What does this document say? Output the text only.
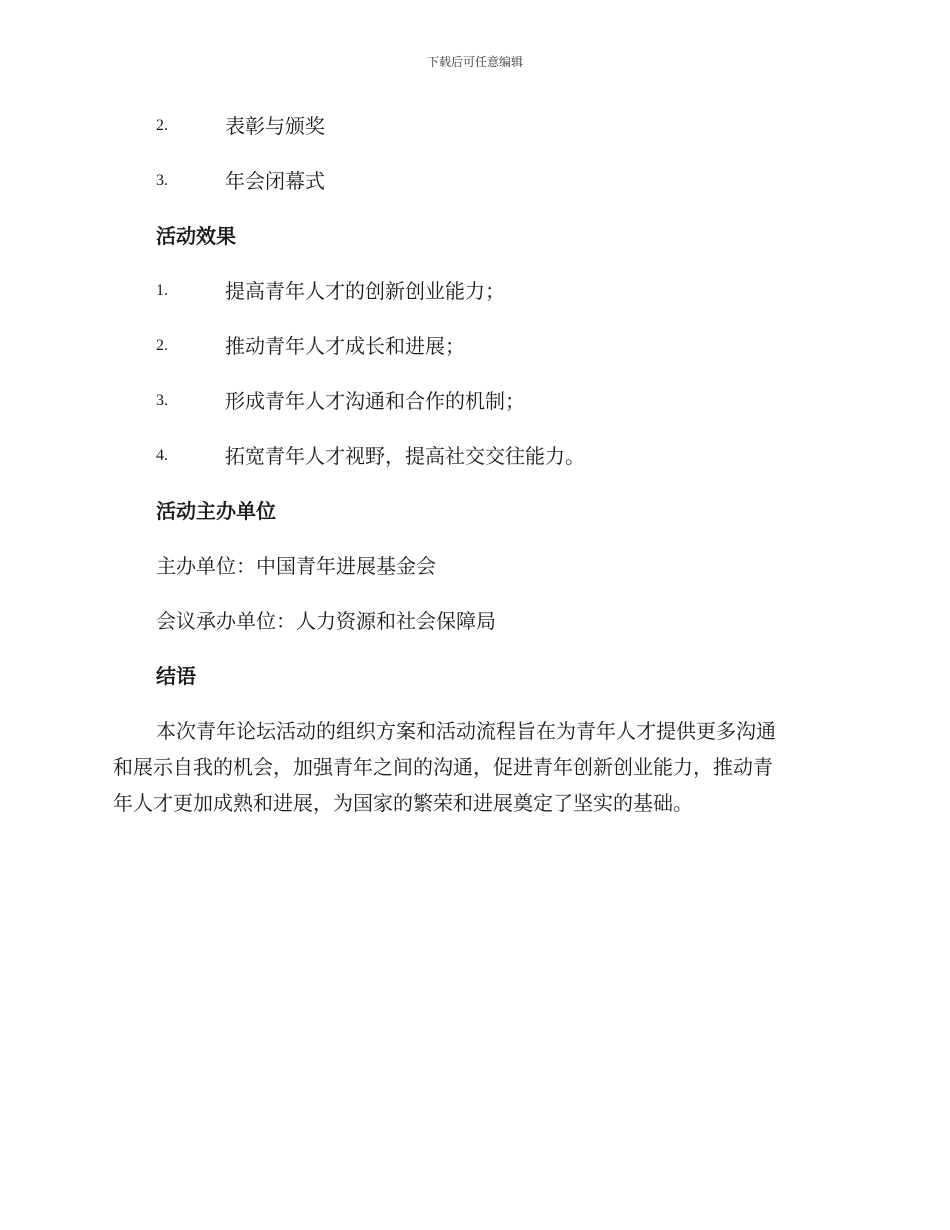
下载后可任意编辑
2.	表彰与颁奖
3.	年会闭幕式
活动效果
1.	提高青年人才的创新创业能力；
2.	推动青年人才成长和进展；
3.	形成青年人才沟通和合作的机制；
4.	拓宽青年人才视野，提高社交交往能力。
活动主办单位
主办单位：中国青年进展基金会
会议承办单位：人力资源和社会保障局
结语
本次青年论坛活动的组织方案和活动流程旨在为青年人才提供更多沟通
和展示自我的机会，加强青年之间的沟通，促进青年创新创业能力，推动青
年人才更加成熟和进展，为国家的繁荣和进展奠定了坚实的基础。
